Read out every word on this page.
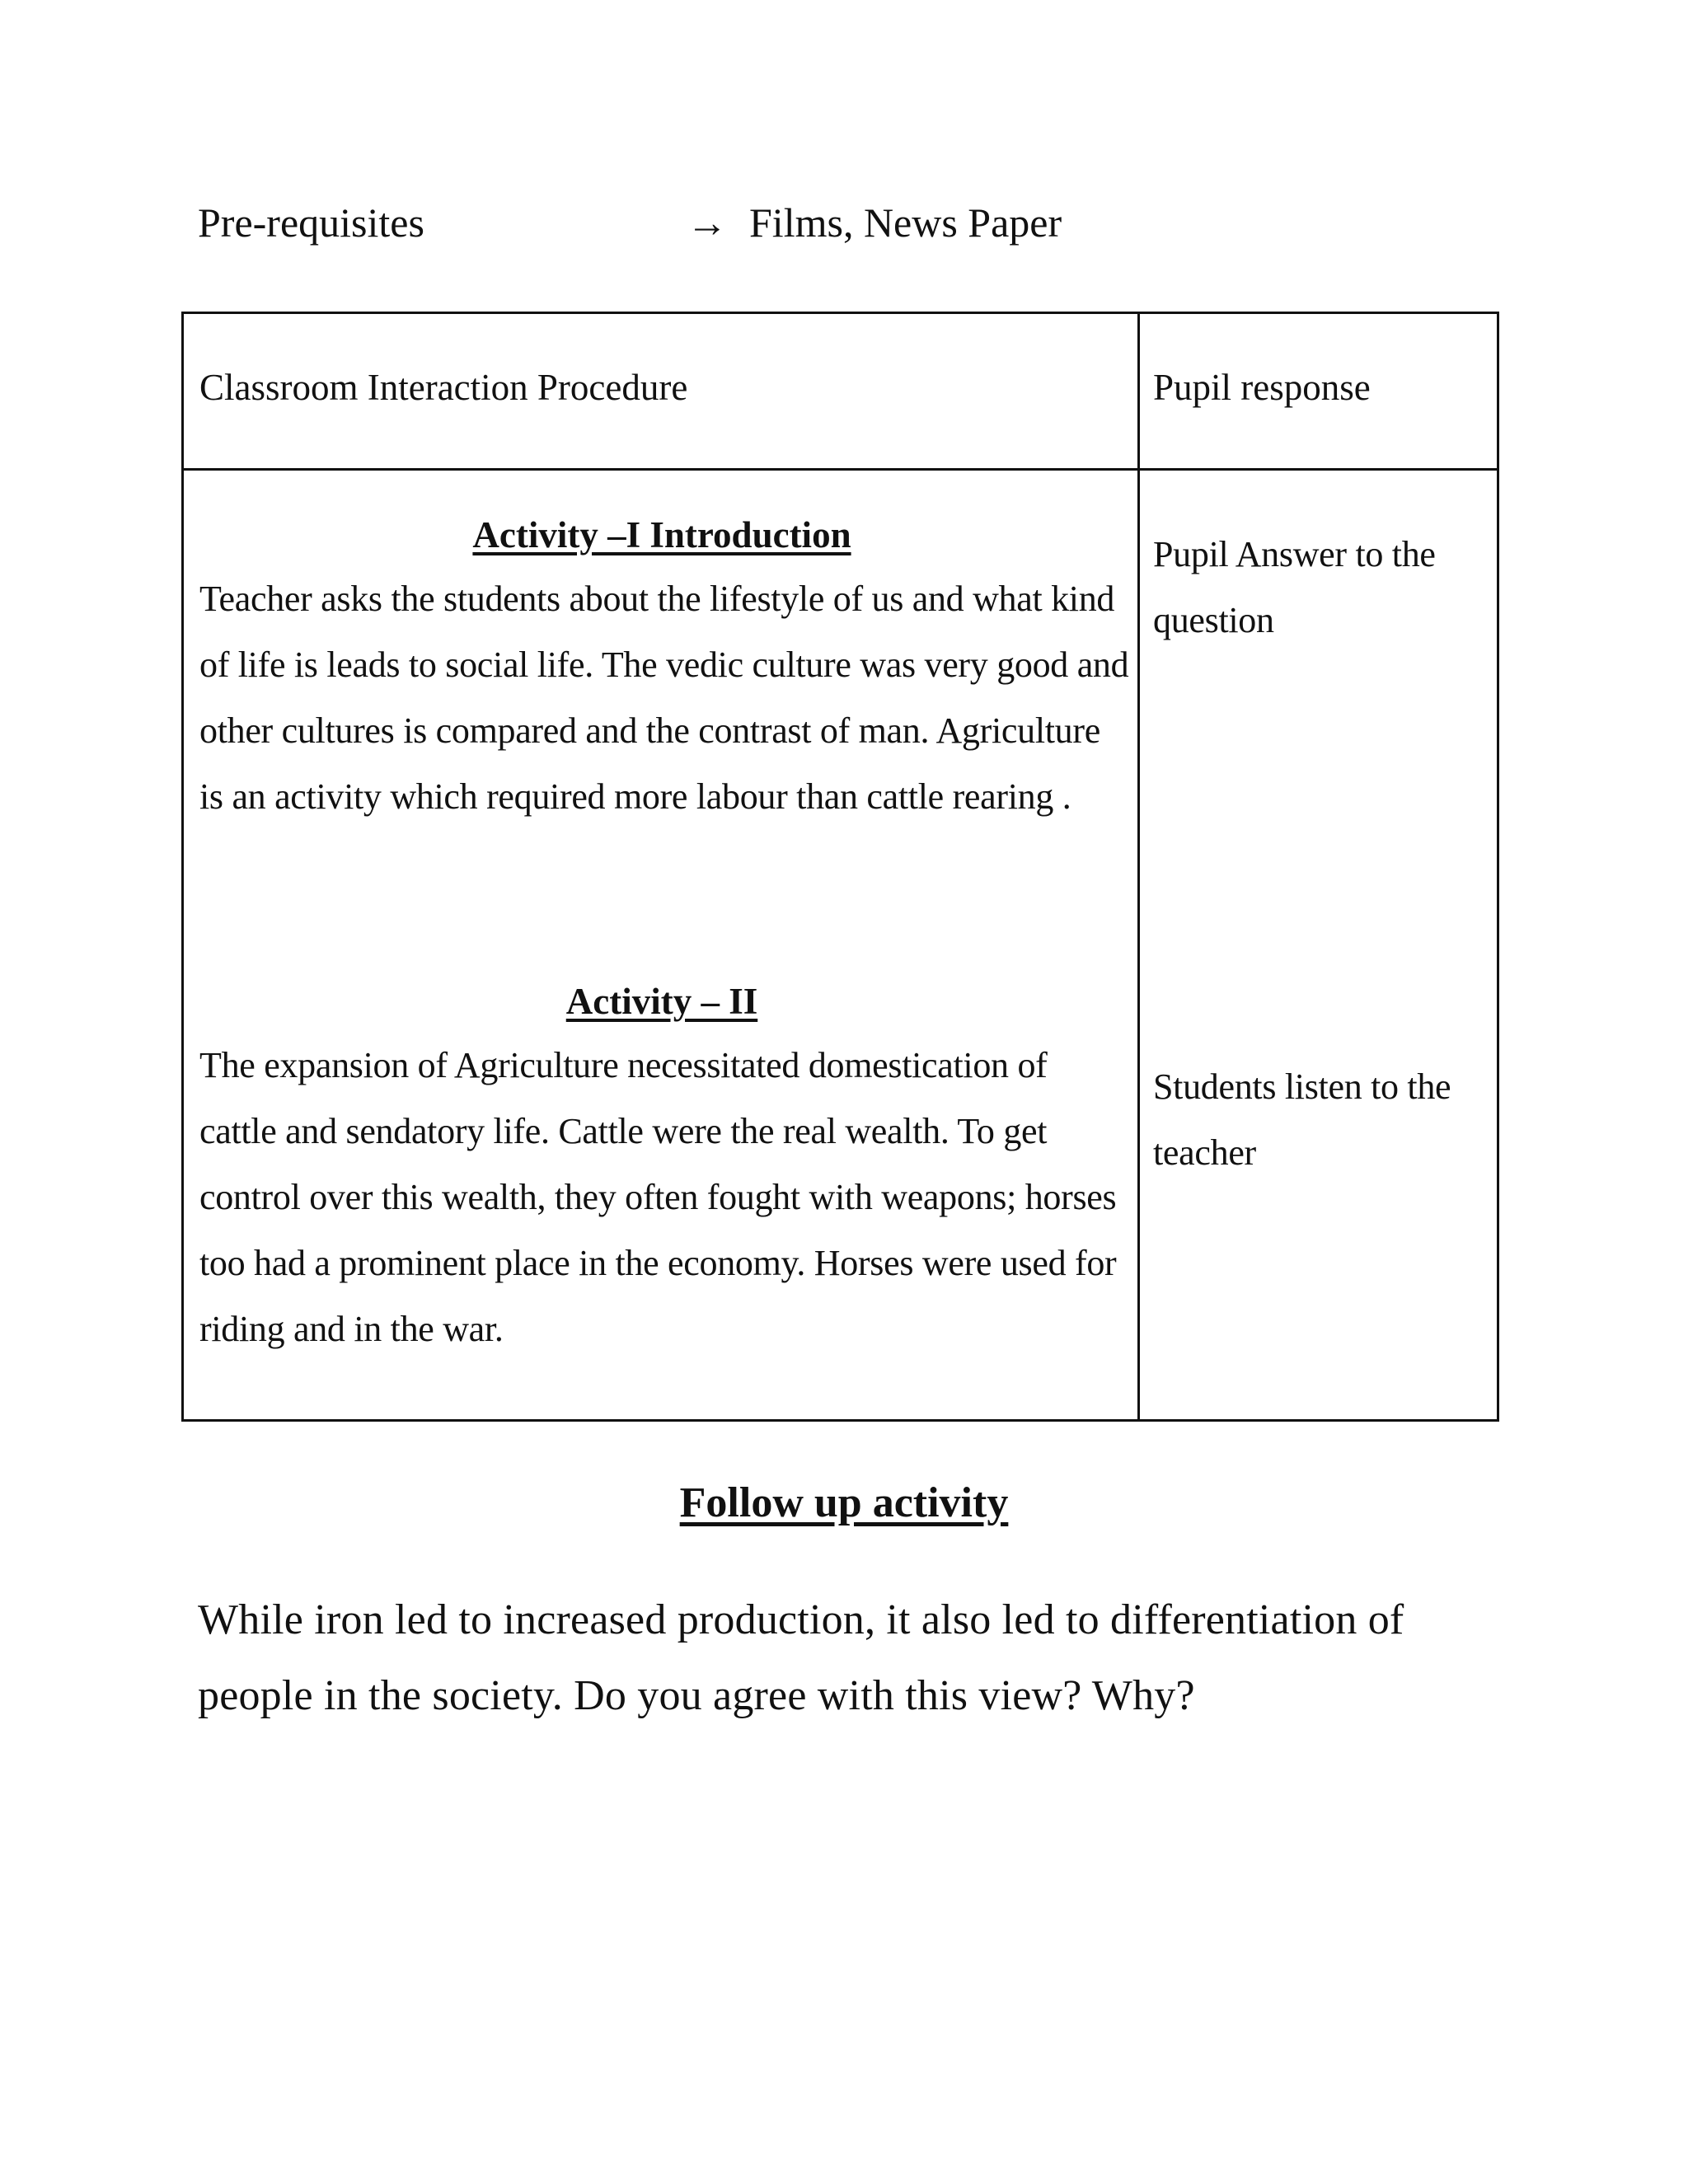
Pre-requisites	→ Films, News Paper
Classroom Interaction Procedure	Pupil response
Activity –I Introduction
Teacher asks the students about the lifestyle of us and what kind of life is leads to social life. The vedic culture was very good and other cultures is compared and the contrast of man. Agriculture is an activity which required more labour than cattle rearing .
Pupil Answer to the question
Activity – II
The expansion of Agriculture necessitated domestication of cattle and sendatory life. Cattle were the real wealth. To get control over this wealth, they often fought with weapons; horses too had a prominent place in the economy. Horses were used for riding and in the war.
Students listen to the teacher
Follow up activity
While iron led to increased production, it also led to differentiation of people in the society. Do you agree with this view? Why?
